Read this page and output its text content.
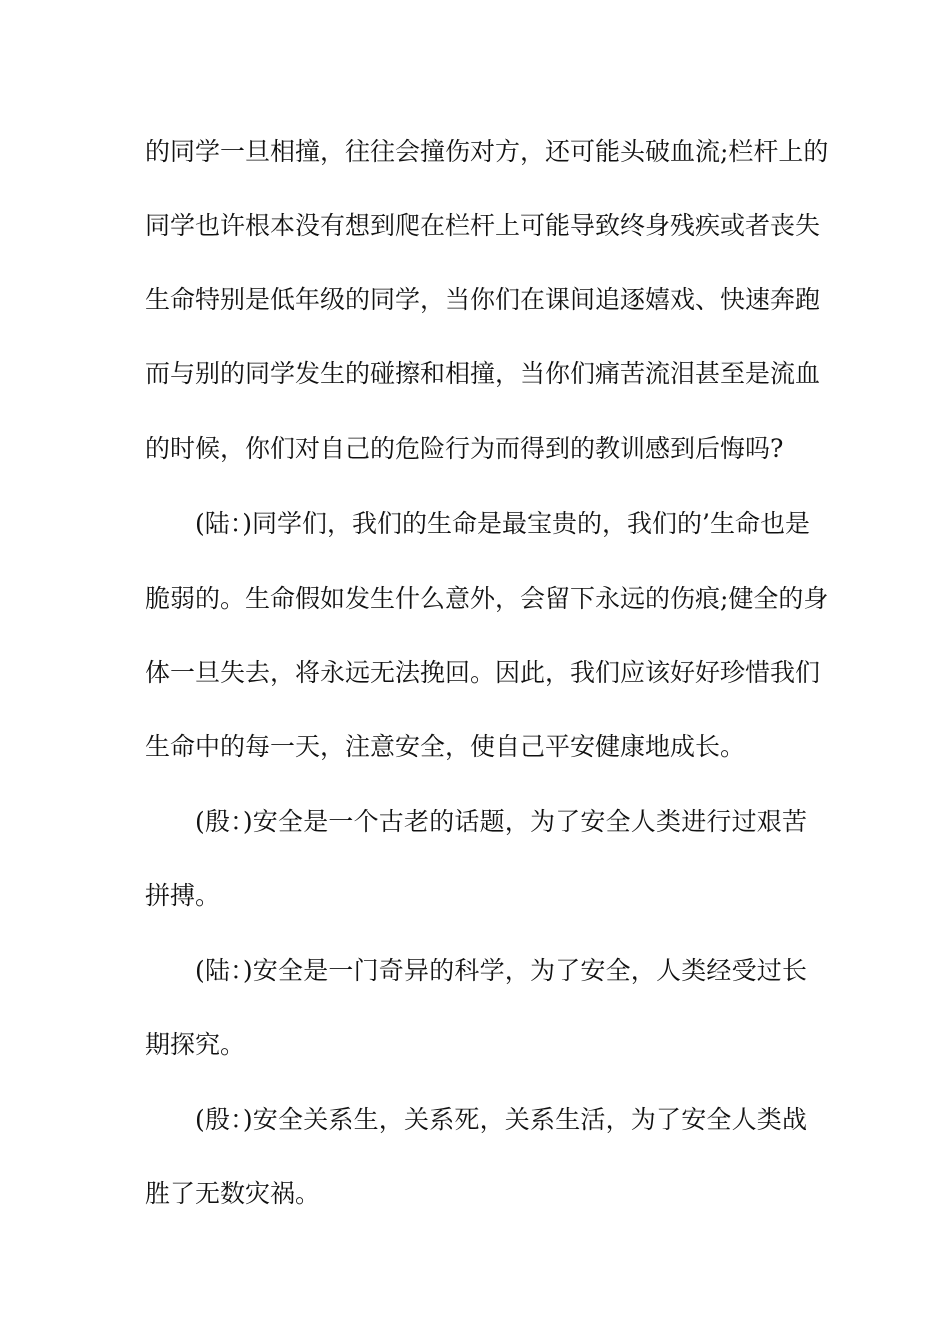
的同学一旦相撞，往往会撞伤对方，还可能头破血流;栏杆上的
同学也许根本没有想到爬在栏杆上可能导致终身残疾或者丧失
生命特别是低年级的同学，当你们在课间追逐嬉戏、快速奔跑
而与别的同学发生的碰擦和相撞，当你们痛苦流泪甚至是流血
的时候，你们对自己的危险行为而得到的教训感到后悔吗?
(陆：)同学们，我们的生命是最宝贵的，我们的’生命也是
脆弱的。生命假如发生什么意外，会留下永远的伤痕;健全的身
体一旦失去，将永远无法挽回。因此，我们应该好好珍惜我们
生命中的每一天，注意安全，使自己平安健康地成长。
(殷：)安全是一个古老的话题，为了安全人类进行过艰苦
拼搏。
(陆：)安全是一门奇异的科学，为了安全，人类经受过长
期探究。
(殷：)安全关系生，关系死，关系生活，为了安全人类战
胜了无数灾祸。
